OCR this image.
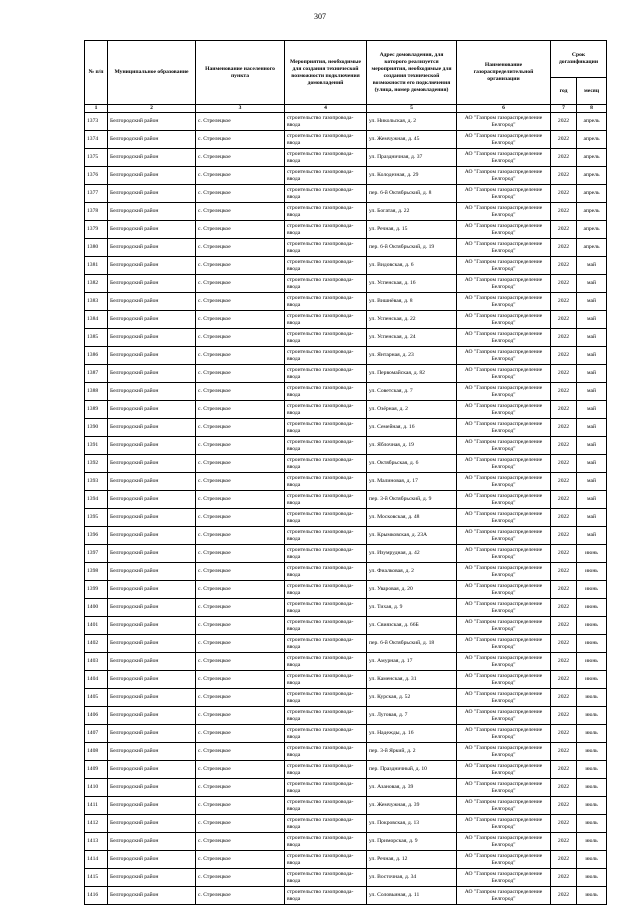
307
№ п/п	Муниципальное образование	Наименование населенного пункта	Мероприятия, необходимые для создания технической возможности подключения домовладений	Адрес домовладения, для которого реализуется мероприятия, необходимые для создания технической возможности его подключения (улица, номер домовладения)	Наименование газораспределительной организации	Срок догазификации	
						год	месяц
1	2	3	4	5	6	7	8
1373	Белгородский район	с. Стрелецкое	строительство газопровода-ввода	ул. Никольская, д. 2	АО "Газпром газораспределение Белгород"	2022	апрель
1374	Белгородский район	с. Стрелецкое	строительство газопровода-ввода	ул. Жемчужная, д. 45	АО "Газпром газораспределение Белгород"	2022	апрель
1375	Белгородский район	с. Стрелецкое	строительство газопровода-ввода	ул. Праздничная, д. 37	АО "Газпром газораспределение Белгород"	2022	апрель
1376	Белгородский район	с. Стрелецкое	строительство газопровода-ввода	ул. Колодезная, д. 29	АО "Газпром газораспределение Белгород"	2022	апрель
1377	Белгородский район	с. Стрелецкое	строительство газопровода-ввода	пер. 6-й Октябрьский, д. 8	АО "Газпром газораспределение Белгород"	2022	апрель
1378	Белгородский район	с. Стрелецкое	строительство газопровода-ввода	ул. Богатая, д. 22	АО "Газпром газораспределение Белгород"	2022	апрель
1379	Белгородский район	с. Стрелецкое	строительство газопровода-ввода	ул. Речная, д. 15	АО "Газпром газораспределение Белгород"	2022	апрель
1380	Белгородский район	с. Стрелецкое	строительство газопровода-ввода	пер. 6-й Октябрьский, д. 19	АО "Газпром газораспределение Белгород"	2022	апрель
1381	Белгородский район	с. Стрелецкое	строительство газопровода-ввода	ул. Видовская, д. 6	АО "Газпром газораспределение Белгород"	2022	май
1382	Белгородский район	с. Стрелецкое	строительство газопровода-ввода	ул. Успенская, д. 16	АО "Газпром газораспределение Белгород"	2022	май
1383	Белгородский район	с. Стрелецкое	строительство газопровода-ввода	ул. Вишнёвая, д. 8	АО "Газпром газораспределение Белгород"	2022	май
1384	Белгородский район	с. Стрелецкое	строительство газопровода-ввода	ул. Успенская, д. 22	АО "Газпром газораспределение Белгород"	2022	май
1385	Белгородский район	с. Стрелецкое	строительство газопровода-ввода	ул. Успенская, д. 24	АО "Газпром газораспределение Белгород"	2022	май
1386	Белгородский район	с. Стрелецкое	строительство газопровода-ввода	ул. Янтарная, д. 23	АО "Газпром газораспределение Белгород"	2022	май
1387	Белгородский район	с. Стрелецкое	строительство газопровода-ввода	ул. Первомайская, д. 82	АО "Газпром газораспределение Белгород"	2022	май
1388	Белгородский район	с. Стрелецкое	строительство газопровода-ввода	ул. Советская, д. 7	АО "Газпром газораспределение Белгород"	2022	май
1389	Белгородский район	с. Стрелецкое	строительство газопровода-ввода	ул. Озёрная, д. 2	АО "Газпром газораспределение Белгород"	2022	май
1390	Белгородский район	с. Стрелецкое	строительство газопровода-ввода	ул. Семейная, д. 16	АО "Газпром газораспределение Белгород"	2022	май
1391	Белгородский район	с. Стрелецкое	строительство газопровода-ввода	ул. Яблочная, д. 19	АО "Газпром газораспределение Белгород"	2022	май
1392	Белгородский район	с. Стрелецкое	строительство газопровода-ввода	ул. Октябрьская, д. 6	АО "Газпром газораспределение Белгород"	2022	май
1393	Белгородский район	с. Стрелецкое	строительство газопровода-ввода	ул. Малиновая, д. 17	АО "Газпром газораспределение Белгород"	2022	май
1394	Белгородский район	с. Стрелецкое	строительство газопровода-ввода	пер. 3-й Октябрьский, д. 9	АО "Газпром газораспределение Белгород"	2022	май
1395	Белгородский район	с. Стрелецкое	строительство газопровода-ввода	ул. Московская, д. 48	АО "Газпром газораспределение Белгород"	2022	май
1396	Белгородский район	с. Стрелецкое	строительство газопровода-ввода	ул. Крымковская, д. 23А	АО "Газпром газораспределение Белгород"	2022	май
1397	Белгородский район	с. Стрелецкое	строительство газопровода-ввода	ул. Изумрудная, д. 42	АО "Газпром газораспределение Белгород"	2022	июнь
1398	Белгородский район	с. Стрелецкое	строительство газопровода-ввода	ул. Фиалковая, д. 2	АО "Газпром газораспределение Белгород"	2022	июнь
1399	Белгородский район	с. Стрелецкое	строительство газопровода-ввода	ул. Уваровая, д. 20	АО "Газпром газораспределение Белгород"	2022	июнь
1400	Белгородский район	с. Стрелецкое	строительство газопровода-ввода	ул. Тихая, д. 9	АО "Газпром газораспределение Белгород"	2022	июнь
1401	Белгородский район	с. Стрелецкое	строительство газопровода-ввода	ул. Свиязская, д. 66Б	АО "Газпром газораспределение Белгород"	2022	июнь
1402	Белгородский район	с. Стрелецкое	строительство газопровода-ввода	пер. 6-й Октябрьский, д. 18	АО "Газпром газораспределение Белгород"	2022	июнь
1403	Белгородский район	с. Стрелецкое	строительство газопровода-ввода	ул. Амурная, д. 17	АО "Газпром газораспределение Белгород"	2022	июнь
1404	Белгородский район	с. Стрелецкое	строительство газопровода-ввода	ул. Каменская, д. 31	АО "Газпром газораспределение Белгород"	2022	июнь
1405	Белгородский район	с. Стрелецкое	строительство газопровода-ввода	ул. Курская, д. 52	АО "Газпром газораспределение Белгород"	2022	июль
1406	Белгородский район	с. Стрелецкое	строительство газопровода-ввода	ул. Луговая, д. 7	АО "Газпром газораспределение Белгород"	2022	июль
1407	Белгородский район	с. Стрелецкое	строительство газопровода-ввода	ул. Надежды, д. 16	АО "Газпром газораспределение Белгород"	2022	июль
1408	Белгородский район	с. Стрелецкое	строительство газопровода-ввода	пер. 3-й Яркий, д. 2	АО "Газпром газораспределение Белгород"	2022	июль
1409	Белгородский район	с. Стрелецкое	строительство газопровода-ввода	пер. Праздничный, д. 10	АО "Газпром газораспределение Белгород"	2022	июль
1410	Белгородский район	с. Стрелецкое	строительство газопровода-ввода	ул. Азановая, д. 39	АО "Газпром газораспределение Белгород"	2022	июль
1411	Белгородский район	с. Стрелецкое	строительство газопровода-ввода	ул. Жемчужная, д. 39	АО "Газпром газораспределение Белгород"	2022	июль
1412	Белгородский район	с. Стрелецкое	строительство газопровода-ввода	ул. Покровская, д. 13	АО "Газпром газораспределение Белгород"	2022	июль
1413	Белгородский район	с. Стрелецкое	строительство газопровода-ввода	ул. Приморская, д. 9	АО "Газпром газораспределение Белгород"	2022	июль
1414	Белгородский район	с. Стрелецкое	строительство газопровода-ввода	ул. Речная, д. 12	АО "Газпром газораспределение Белгород"	2022	июль
1415	Белгородский район	с. Стрелецкое	строительство газопровода-ввода	ул. Восточная, д. 34	АО "Газпром газораспределение Белгород"	2022	июль
1416	Белгородский район	с. Стрелецкое	строительство газопровода-ввода	ул. Соловьиная, д. 11	АО "Газпром газораспределение Белгород"	2022	июль
